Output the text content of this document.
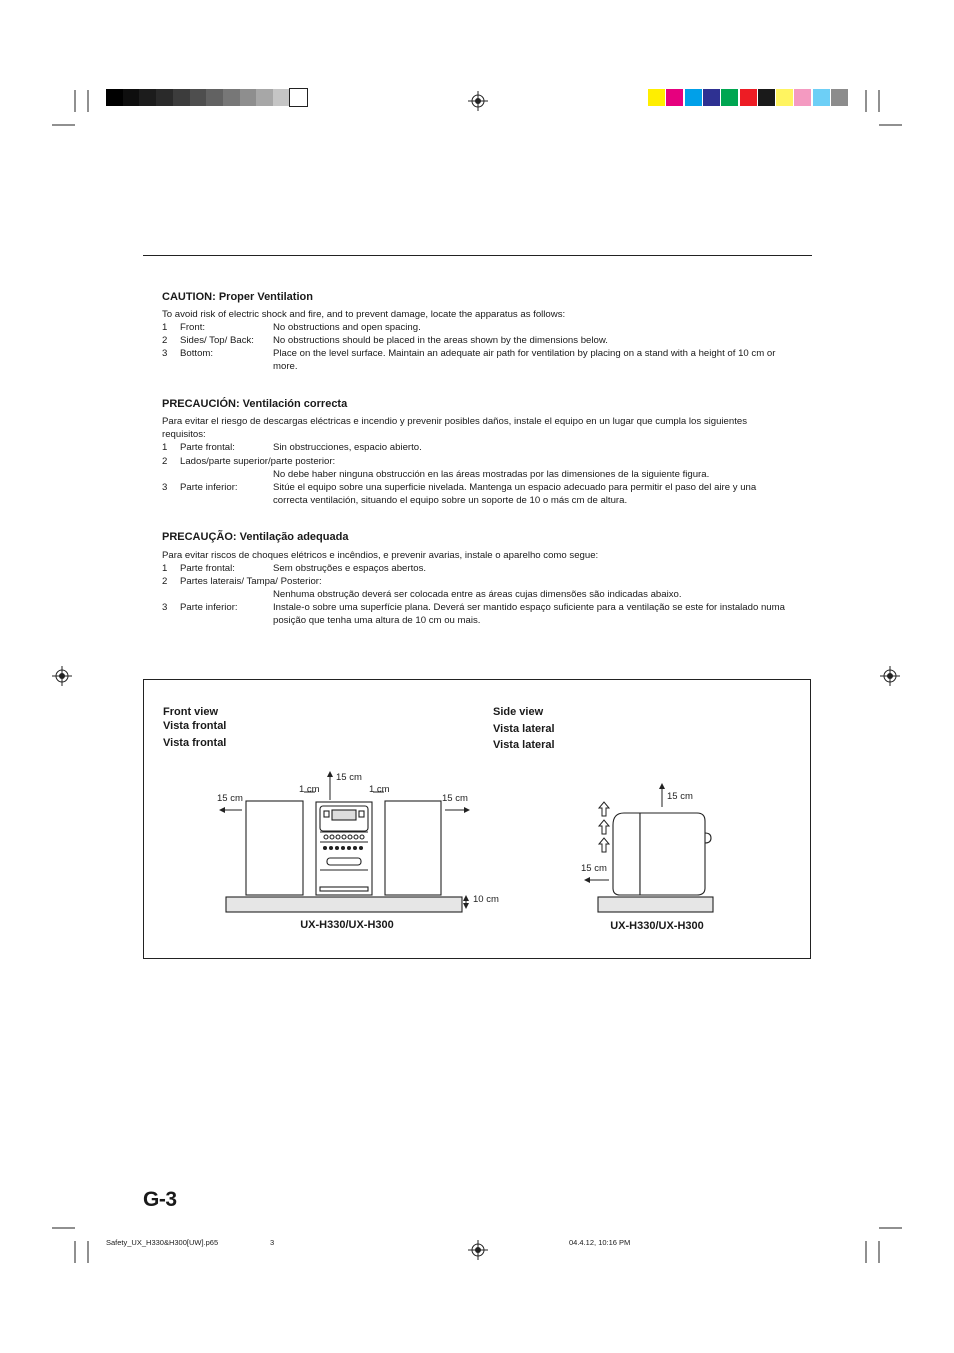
CAUTION: Proper Ventilation
To avoid risk of electric shock and fire, and to prevent damage, locate the apparatus as follows:
1 Front:	No obstructions and open spacing.
2 Sides/ Top/ Back: No obstructions should be placed in the areas shown by the dimensions below.
3 Bottom:	Place on the level surface. Maintain an adequate air path for ventilation by placing on a stand with a height of 10 cm or more.
PRECAUCIÓN: Ventilación correcta
Para evitar el riesgo de descargas eléctricas e incendio y prevenir posibles daños, instale el equipo en un lugar que cumpla los siguientes requisitos:
1 Parte frontal:	Sin obstrucciones, espacio abierto.
2 Lados/parte superior/parte posterior:
No debe haber ninguna obstrucción en las áreas mostradas por las dimensiones de la siguiente figura.
3 Parte inferior:	Sitúe el equipo sobre una superficie nivelada. Mantenga un espacio adecuado para permitir el paso del aire y una correcta ventilación, situando el equipo sobre un soporte de 10 o más cm de altura.
PRECAUÇÃO: Ventilação adequada
Para evitar riscos de choques elétricos e incêndios, e prevenir avarias, instale o aparelho como segue:
1 Parte frontal:	Sem obstruções e espaços abertos.
2 Partes laterais/ Tampa/ Posterior:
Nenhuma obstrução deverá ser colocada entre as áreas cujas dimensões são indicadas abaixo.
3 Parte inferior:	Instale-o sobre uma superfície plana. Deverá ser mantido espaço suficiente para a ventilação se este for instalado numa posição que tenha uma altura de 10 cm ou mais.
Front view
Vista frontal
Vista frontal
Side view
Vista lateral
Vista lateral
15 cm
15 cm
1 cm	1 cm
15 cm
10 cm
UX-H330/UX-H300
15 cm
15 cm
UX-H330/UX-H300
G-3
Safety_UX_H330&H300[UW].p65	3	04.4.12, 10:16 PM
